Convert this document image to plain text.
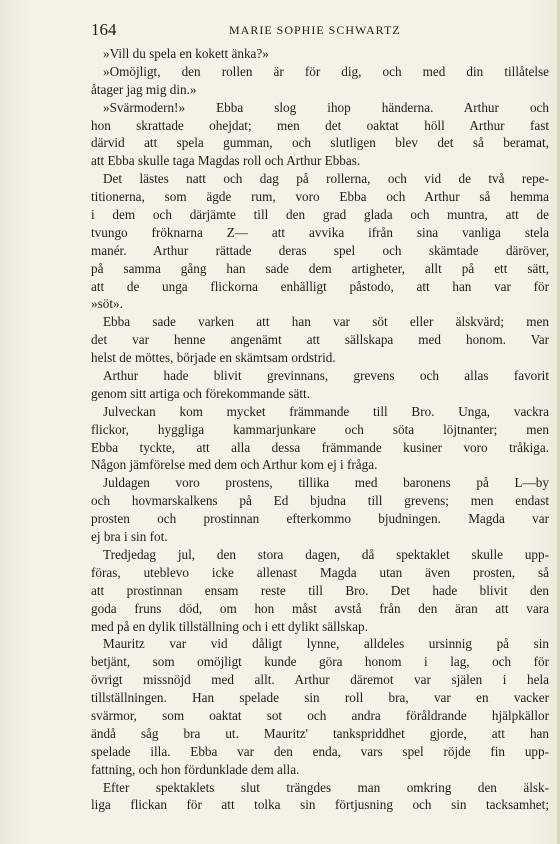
164	MARIE SOPHIE SCHWARTZ
»Vill du spela en kokett änka?»
»Omöjligt, den rollen är för dig, och med din tillåtelse
åtager jag mig din.»
»Svärmodern!» Ebba slog ihop händerna. Arthur och
hon skrattade ohejdat; men det oaktat höll Arthur fast
därvid att spela gumman, och slutligen blev det så beramat,
att Ebba skulle taga Magdas roll och Arthur Ebbas.
Det lästes natt och dag på rollerna, och vid de två repe-
titionerna, som ägde rum, voro Ebba och Arthur så hemma
i dem och därjämte till den grad glada och muntra, att de
tvungo fröknarna Z— att avvika ifrån sina vanliga stela
manér. Arthur rättade deras spel och skämtade däröver,
på samma gång han sade dem artigheter, allt på ett sätt,
att de unga flickorna enhälligt påstodo, att han var för
»söt».
Ebba sade varken att han var söt eller älskvärd; men
det var henne angenämt att sällskapa med honom. Var
helst de möttes, började en skämtsam ordstrid.
Arthur hade blivit grevinnans, grevens och allas favorit
genom sitt artiga och förekommande sätt.
Julveckan kom mycket främmande till Bro. Unga, vackra
flickor, hyggliga kammarjunkare och söta löjtnanter; men
Ebba tyckte, att alla dessa främmande kusiner voro tråkiga.
Någon jämförelse med dem och Arthur kom ej i fråga.
Juldagen voro prostens, tillika med baronens på L—by
och hovmarskalkens på Ed bjudna till grevens; men endast
prosten och prostinnan efterkommo bjudningen. Magda var
ej bra i sin fot.
Tredjedag jul, den stora dagen, då spektaklet skulle upp-
föras, uteblevo icke allenast Magda utan även prosten, så
att prostinnan ensam reste till Bro. Det hade blivit den
goda fruns död, om hon måst avstå från den äran att vara
med på en dylik tillställning och i ett dylikt sällskap.
Mauritz var vid dåligt lynne, alldeles ursinnig på sin
betjänt, som omöjligt kunde göra honom i lag, och för
övrigt missnöjd med allt. Arthur däremot var själen i hela
tillställningen. Han spelade sin roll bra, var en vacker
svärmor, som oaktat sot och andra föråldrande hjälpkällor
ändå såg bra ut. Mauritz' tankspriddhet gjorde, att han
spelade illa. Ebba var den enda, vars spel röjde fin upp-
fattning, och hon fördunklade dem alla.
Efter spektaklets slut trängdes man omkring den älsk-
liga flickan för att tolka sin förtjusning och sin tacksamhet;
